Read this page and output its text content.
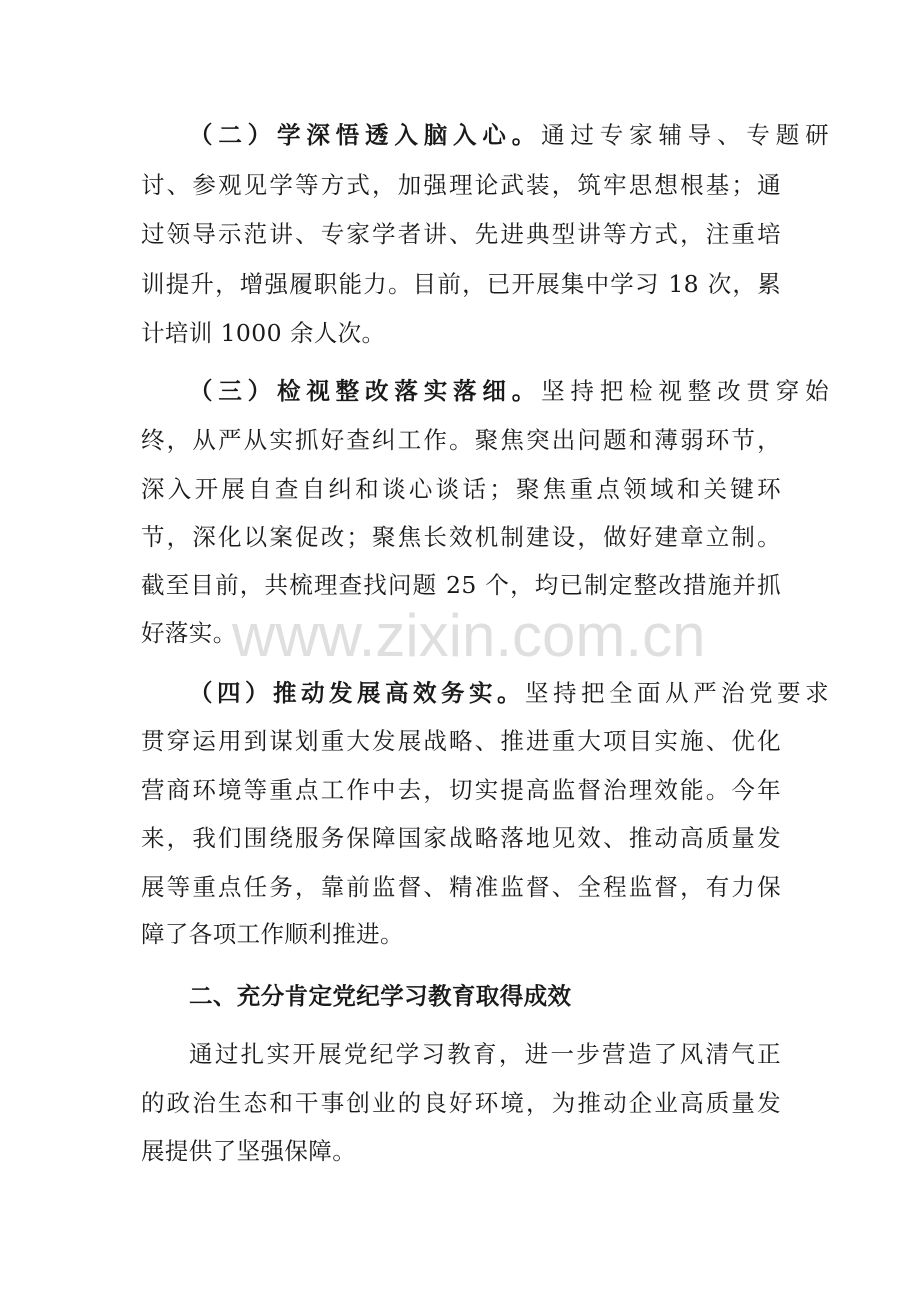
（二）学深悟透入脑入心。通过专家辅导、专题研
讨、参观见学等方式，加强理论武装，筑牢思想根基；通
过领导示范讲、专家学者讲、先进典型讲等方式，注重培
训提升，增强履职能力。目前，已开展集中学习 18 次，累
计培训 1000 余人次。
（三）检视整改落实落细。坚持把检视整改贯穿始
终，从严从实抓好查纠工作。聚焦突出问题和薄弱环节，
深入开展自查自纠和谈心谈话；聚焦重点领域和关键环
节，深化以案促改；聚焦长效机制建设，做好建章立制。
截至目前，共梳理查找问题 25 个，均已制定整改措施并抓
好落实。
（四）推动发展高效务实。坚持把全面从严治党要求
贯穿运用到谋划重大发展战略、推进重大项目实施、优化
营商环境等重点工作中去，切实提高监督治理效能。今年
来，我们围绕服务保障国家战略落地见效、推动高质量发
展等重点任务，靠前监督、精准监督、全程监督，有力保
障了各项工作顺利推进。
二、充分肯定党纪学习教育取得成效
通过扎实开展党纪学习教育，进一步营造了风清气正
的政治生态和干事创业的良好环境，为推动企业高质量发
展提供了坚强保障。
www.zixin.com.cn
